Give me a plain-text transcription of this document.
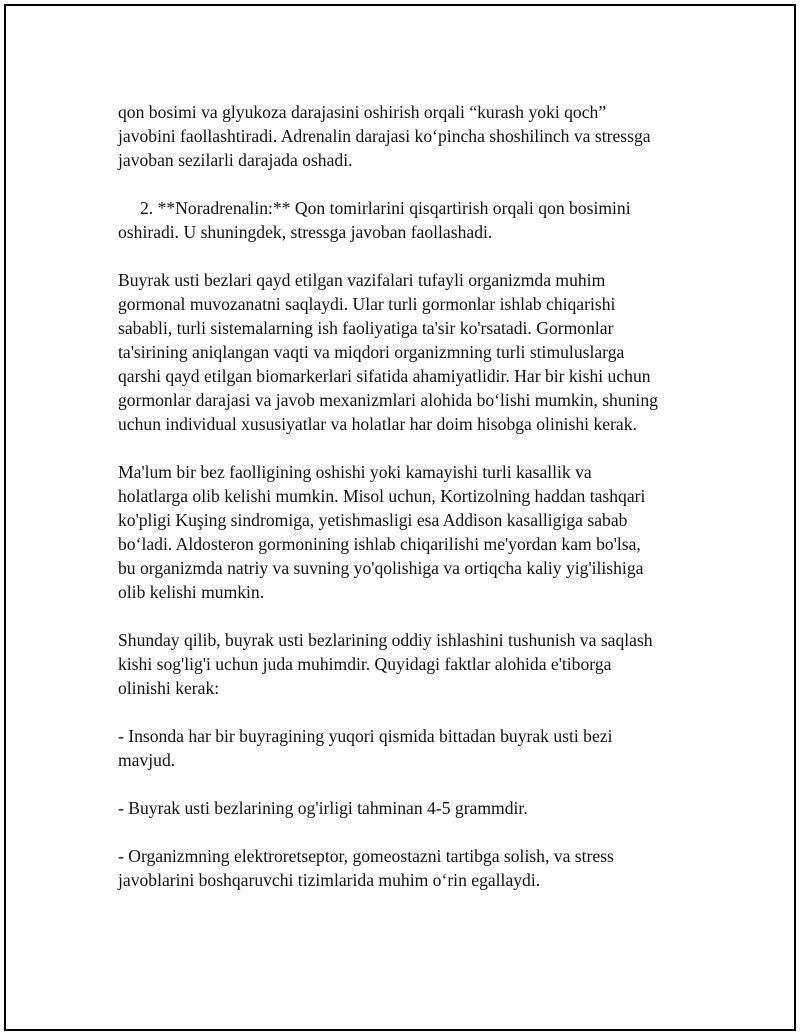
qon bosimi va glyukoza darajasini oshirish orqali “kurash yoki qoch”
javobini faollashtiradi. Adrenalin darajasi koʻpincha shoshilinch va stressga
javoban sezilarli darajada oshadi.

2. **Noradrenalin:** Qon tomirlarini qisqartirish orqali qon bosimini
oshiradi. U shuningdek, stressga javoban faollashadi.

Buyrak usti bezlari qayd etilgan vazifalari tufayli organizmda muhim
gormonal muvozanatni saqlaydi. Ular turli gormonlar ishlab chiqarishi
sababli, turli sistemalarning ish faoliyatiga ta'sir ko'rsatadi. Gormonlar
ta'sirining aniqlangan vaqti va miqdori organizmning turli stimuluslarga
qarshi qayd etilgan biomarkerlari sifatida ahamiyatlidir. Har bir kishi uchun
gormonlar darajasi va javob mexanizmlari alohida boʻlishi mumkin, shuning
uchun individual xususiyatlar va holatlar har doim hisobga olinishi kerak.

Ma'lum bir bez faolligining oshishi yoki kamayishi turli kasallik va
holatlarga olib kelishi mumkin. Misol uchun, Kortizolning haddan tashqari
ko'pligi Kuşing sindromiga, yetishmasligi esa Addison kasalligiga sabab
boʻladi. Aldosteron gormonining ishlab chiqarilishi me'yordan kam bo'lsa,
bu organizmda natriy va suvning yo'qolishiga va ortiqcha kaliy yig'ilishiga
olib kelishi mumkin.

Shunday qilib, buyrak usti bezlarining oddiy ishlashini tushunish va saqlash
kishi sog'lig'i uchun juda muhimdir. Quyidagi faktlar alohida e'tiborga
olinishi kerak:

- Insonda har bir buyragining yuqori qismida bittadan buyrak usti bezi
mavjud.

- Buyrak usti bezlarining og'irligi tahminan 4-5 grammdir.

- Organizmning elektroretseptor, gomeostazni tartibga solish, va stress
javoblarini boshqaruvchi tizimlarida muhim oʻrin egallaydi.
